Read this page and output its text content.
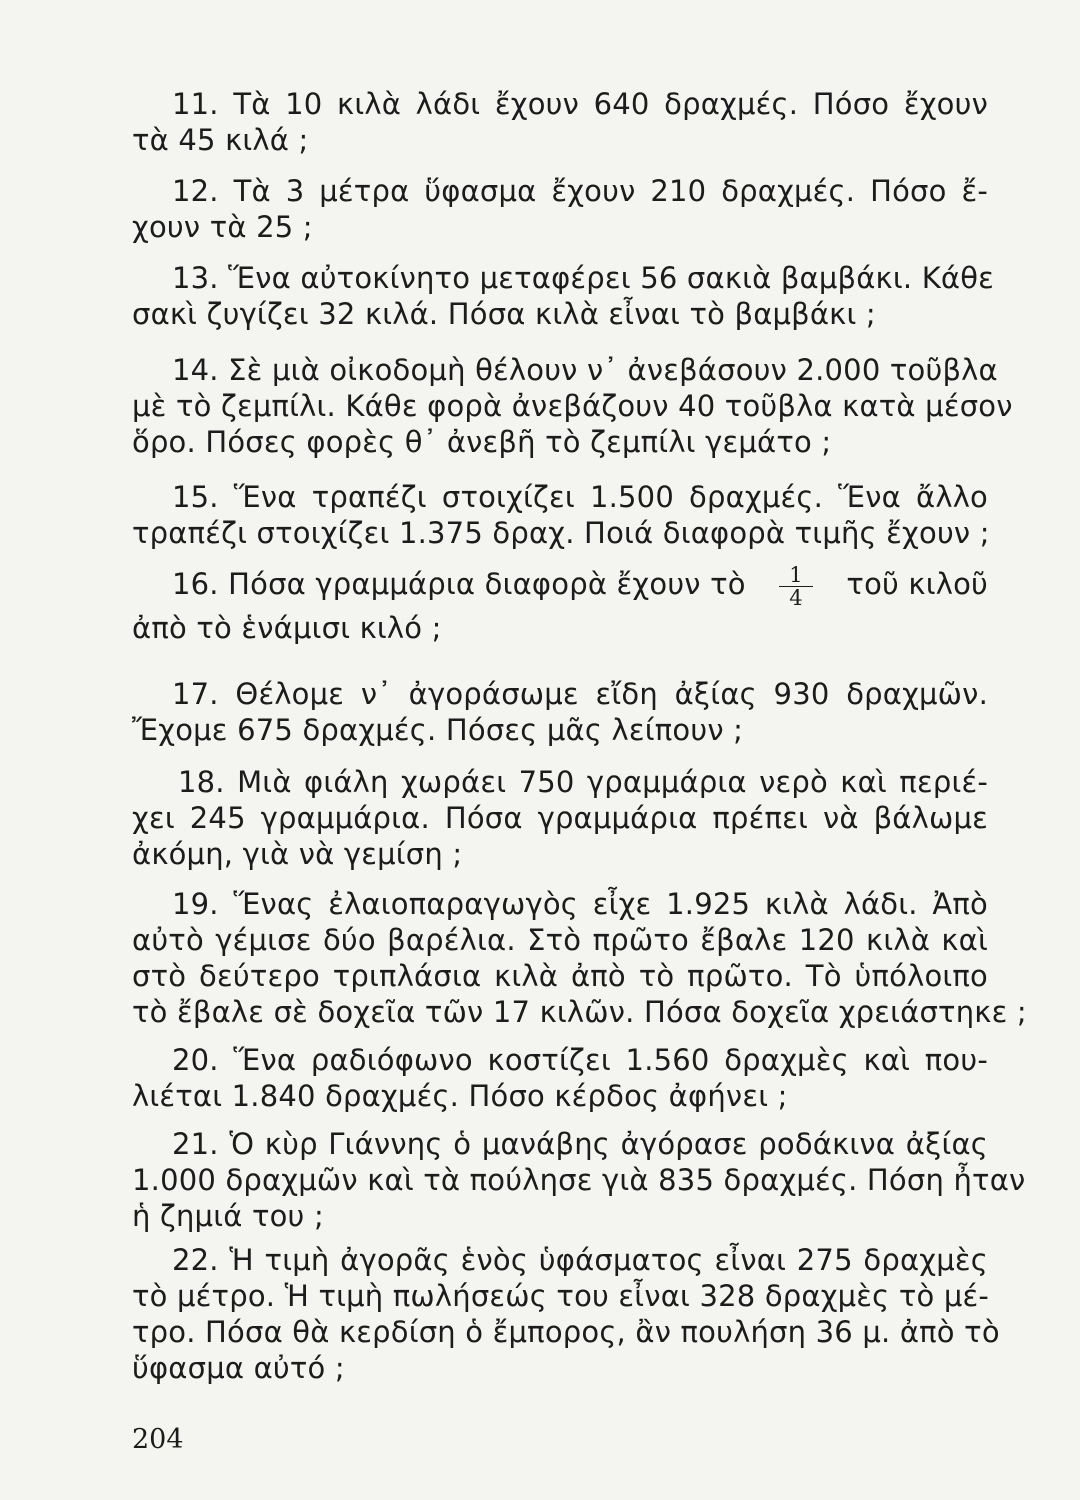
11. Τὰ 10 κιλὰ λάδι ἔχουν 640 δραχμές. Πόσο ἔχουν
τὰ 45 κιλά ;
12. Τὰ 3 μέτρα ὕφασμα ἔχουν 210 δραχμές. Πόσο ἔ-
χουν τὰ 25 ;
13. Ἕνα αὐτοκίνητο μεταφέρει 56 σακιὰ βαμβάκι. Κάθε
σακὶ ζυγίζει 32 κιλά. Πόσα κιλὰ εἶναι τὸ βαμβάκι ;
14. Σὲ μιὰ οἰκοδομὴ θέλουν ν᾽ ἀνεβάσουν 2.000 τοῦβλα
μὲ τὸ ζεμπίλι. Κάθε φορὰ ἀνεβάζουν 40 τοῦβλα κατὰ μέσον
ὅρο. Πόσες φορὲς θ᾽ ἀνεβῆ τὸ ζεμπίλι γεμάτο ;
15. Ἕνα τραπέζι στοιχίζει 1.500 δραχμές. Ἕνα ἄλλο
τραπέζι στοιχίζει 1.375 δραχ. Ποιά διαφορὰ τιμῆς ἔχουν ;
16. Πόσα γραμμάρια διαφορὰ ἔχουν τὸ $\frac{1}{4}$ τοῦ κιλοῦ
ἀπὸ τὸ ἑνάμισι κιλό ;
17. Θέλομε ν᾽ ἀγοράσωμε εἴδη ἀξίας 930 δραχμῶν.
Ἔχομε 675 δραχμές. Πόσες μᾶς λείπουν ;
18. Μιὰ φιάλη χωράει 750 γραμμάρια νερὸ καὶ περιέ-
χει 245 γραμμάρια. Πόσα γραμμάρια πρέπει νὰ βάλωμε
ἀκόμη, γιὰ νὰ γεμίση ;
19. Ἕνας ἐλαιοπαραγωγὸς εἶχε 1.925 κιλὰ λάδι. Ἀπὸ
αὐτὸ γέμισε δύο βαρέλια. Στὸ πρῶτο ἔβαλε 120 κιλὰ καὶ
στὸ δεύτερο τριπλάσια κιλὰ ἀπὸ τὸ πρῶτο. Τὸ ὑπόλοιπο
τὸ ἔβαλε σὲ δοχεῖα τῶν 17 κιλῶν. Πόσα δοχεῖα χρειάστηκε ;
20. Ἕνα ραδιόφωνο κοστίζει 1.560 δραχμὲς καὶ που-
λιέται 1.840 δραχμές. Πόσο κέρδος ἀφήνει ;
21. Ὁ κὺρ Γιάννης ὁ μανάβης ἀγόρασε ροδάκινα ἀξίας
1.000 δραχμῶν καὶ τὰ πούλησε γιὰ 835 δραχμές. Πόση ἦταν
ἡ ζημιά του ;
22. Ἡ τιμὴ ἀγορᾶς ἑνὸς ὑφάσματος εἶναι 275 δραχμὲς
τὸ μέτρο. Ἡ τιμὴ πωλήσεώς του εἶναι 328 δραχμὲς τὸ μέ-
τρο. Πόσα θὰ κερδίση ὁ ἔμπορος, ἂν πουλήση 36 μ. ἀπὸ τὸ
ὕφασμα αὐτό ;
204
